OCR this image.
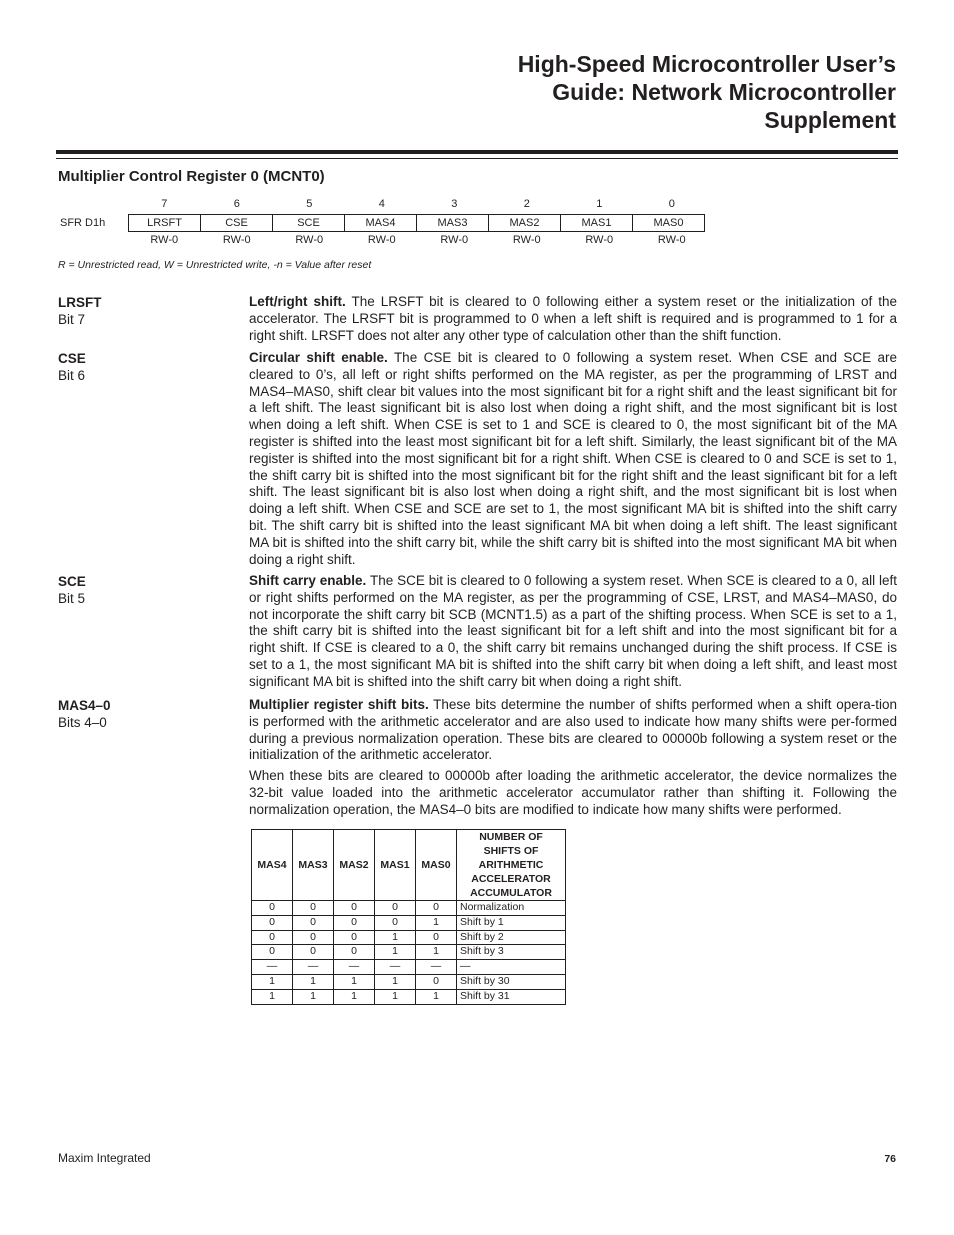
High-Speed Microcontroller User’s
Guide: Network Microcontroller
Supplement
Multiplier Control Register 0 (MCNT0)
7	6	5	4	3	2	1	0
SFR D1h	LRSFT	CSE	SCE	MAS4	MAS3	MAS2	MAS1	MAS0
RW-0	RW-0	RW-0	RW-0	RW-0	RW-0	RW-0	RW-0
R = Unrestricted read, W = Unrestricted write, -n = Value after reset
LRSFT
Bit 7

Left/right shift. The LRSFT bit is cleared to 0 following either a system reset or the initialization of the accelerator. The LRSFT bit is programmed to 0 when a left shift is required and is programmed to 1 for a right shift. LRSFT does not alter any other type of calculation other than the shift function.

CSE
Bit 6

Circular shift enable. The CSE bit is cleared to 0 following a system reset. When CSE and SCE are cleared to 0’s, all left or right shifts performed on the MA register, as per the programming of LRST and MAS4–MAS0, shift clear bit values into the most significant bit for a right shift and the least significant bit for a left shift. The least significant bit is also lost when doing a right shift, and the most significant bit is lost when doing a left shift. When CSE is set to 1 and SCE is cleared to 0, the most significant bit of the MA register is shifted into the least most significant bit for a left shift. Similarly, the least significant bit of the MA register is shifted into the most significant bit for a right shift. When CSE is cleared to 0 and SCE is set to 1, the shift carry bit is shifted into the most significant bit for the right shift and the least significant bit for a left shift. The least significant bit is also lost when doing a right shift, and the most significant bit is lost when doing a left shift. When CSE and SCE are set to 1, the most significant MA bit is shifted into the shift carry bit. The shift carry bit is shifted into the least significant MA bit when doing a left shift. The least significant MA bit is shifted into the shift carry bit, while the shift carry bit is shifted into the most significant MA bit when doing a right shift.

SCE
Bit 5

Shift carry enable. The SCE bit is cleared to 0 following a system reset. When SCE is cleared to a 0, all left or right shifts performed on the MA register, as per the programming of CSE, LRST, and MAS4–MAS0, do not incorporate the shift carry bit SCB (MCNT1.5) as a part of the shifting process. When SCE is set to a 1, the shift carry bit is shifted into the least significant bit for a left shift and into the most significant bit for a right shift. If CSE is cleared to a 0, the shift carry bit remains unchanged during the shift process. If CSE is set to a 1, the most significant MA bit is shifted into the shift carry bit when doing a left shift, and least most significant MA bit is shifted into the shift carry bit when doing a right shift.

MAS4–0
Bits 4–0

Multiplier register shift bits. These bits determine the number of shifts performed when a shift opera-tion is performed with the arithmetic accelerator and are also used to indicate how many shifts were per-formed during a previous normalization operation. These bits are cleared to 00000b following a system reset or the initialization of the arithmetic accelerator.

When these bits are cleared to 00000b after loading the arithmetic accelerator, the device normalizes the 32-bit value loaded into the arithmetic accelerator accumulator rather than shifting it. Following the normalization operation, the MAS4–0 bits are modified to indicate how many shifts were performed.

MAS4	MAS3	MAS2	MAS1	MAS0	NUMBER OF SHIFTS OF ARITHMETIC ACCELERATOR ACCUMULATOR
0	0	0	0	0	Normalization
0	0	0	0	1	Shift by 1
0	0	0	1	0	Shift by 2
0	0	0	1	1	Shift by 3
—	—	—	—	—	—
1	1	1	1	0	Shift by 30
1	1	1	1	1	Shift by 31
Maxim Integrated	76
